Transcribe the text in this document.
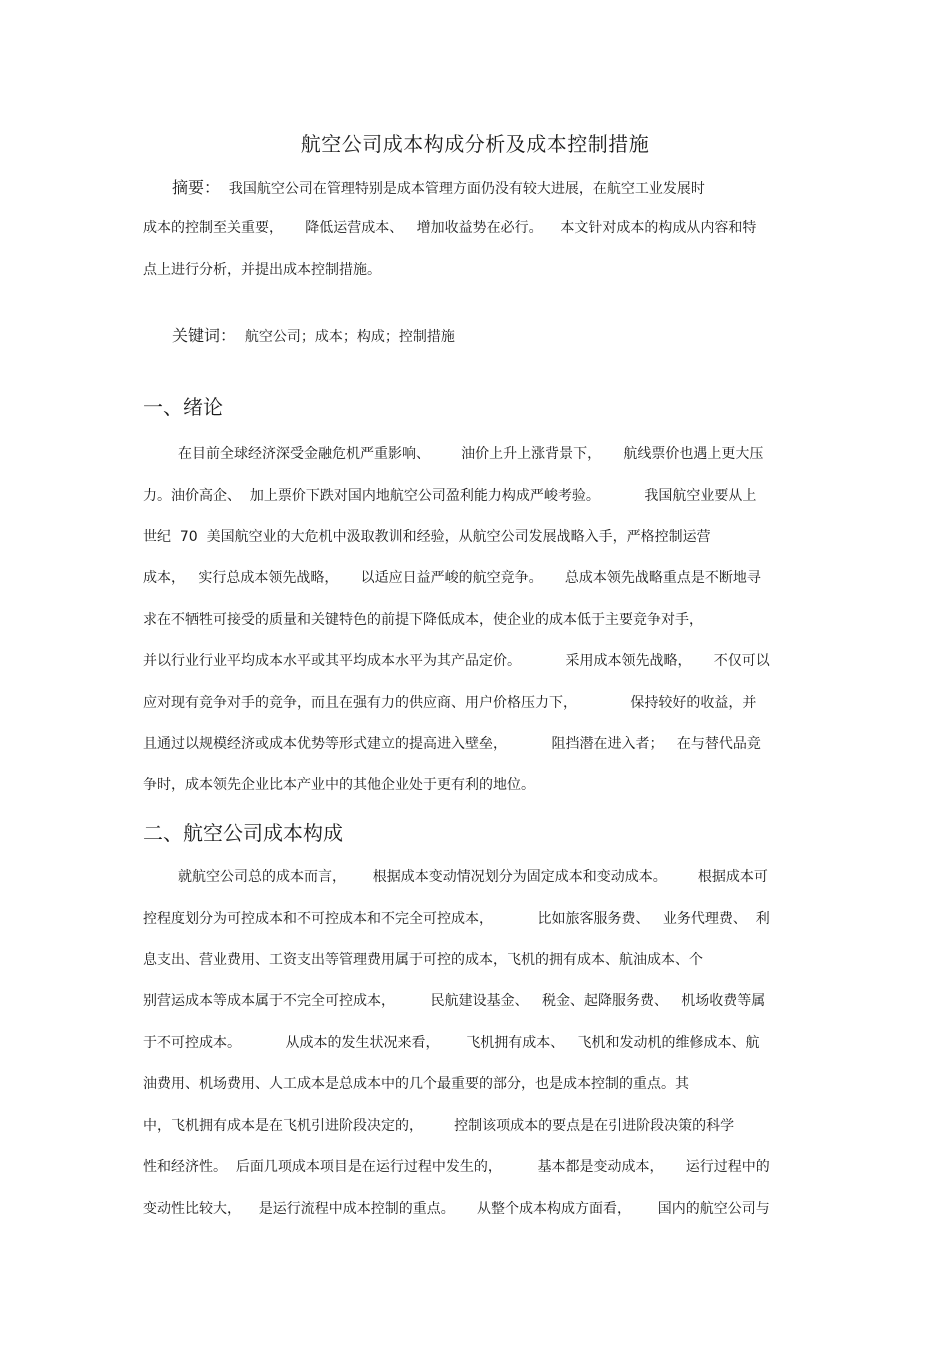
航空公司成本构成分析及成本控制措施
摘要： 我国航空公司在管理特别是成本管理方面仍没有较大进展，在航空工业发展时
成本的控制至关重要，     降低运营成本、   增加收益势在必行。    本文针对成本的构成从内容和特
点上进行分析，并提出成本控制措施。
关键词： 航空公司；成本；构成；控制措施
一、绪论
在目前全球经济深受金融危机严重影响、       油价上升上涨背景下，     航线票价也遇上更大压
力。油价高企、  加上票价下跌对国内地航空公司盈利能力构成严峻考验。          我国航空业要从上
世纪  70  美国航空业的大危机中汲取教训和经验，从航空公司发展战略入手，严格控制运营
成本，   实行总成本领先战略，     以适应日益严峻的航空竞争。     总成本领先战略重点是不断地寻
求在不牺牲可接受的质量和关键特色的前提下降低成本，使企业的成本低于主要竞争对手，
并以行业行业平均成本水平或其平均成本水平为其产品定价。          采用成本领先战略，     不仅可以
应对现有竞争对手的竞争，而且在强有力的供应商、用户价格压力下，            保持较好的收益，并
且通过以规模经济或成本优势等形式建立的提高进入壁垒，          阻挡潜在进入者；   在与替代品竞
争时，成本领先企业比本产业中的其他企业处于更有利的地位。
二、航空公司成本构成
就航空公司总的成本而言，      根据成本变动情况划分为固定成本和变动成本。       根据成本可
控程度划分为可控成本和不可控成本和不完全可控成本，          比如旅客服务费、   业务代理费、  利
息支出、营业费用、工资支出等管理费用属于可控的成本，飞机的拥有成本、航油成本、个
别营运成本等成本属于不完全可控成本，        民航建设基金、   税金、起降服务费、   机场收费等属
于不可控成本。          从成本的发生状况来看，      飞机拥有成本、   飞机和发动机的维修成本、航
油费用、机场费用、人工成本是总成本中的几个最重要的部分，也是成本控制的重点。其
中，飞机拥有成本是在飞机引进阶段决定的，       控制该项成本的要点是在引进阶段决策的科学
性和经济性。  后面几项成本项目是在运行过程中发生的，        基本都是变动成本，     运行过程中的
变动性比较大，    是运行流程中成本控制的重点。     从整个成本构成方面看，      国内的航空公司与
